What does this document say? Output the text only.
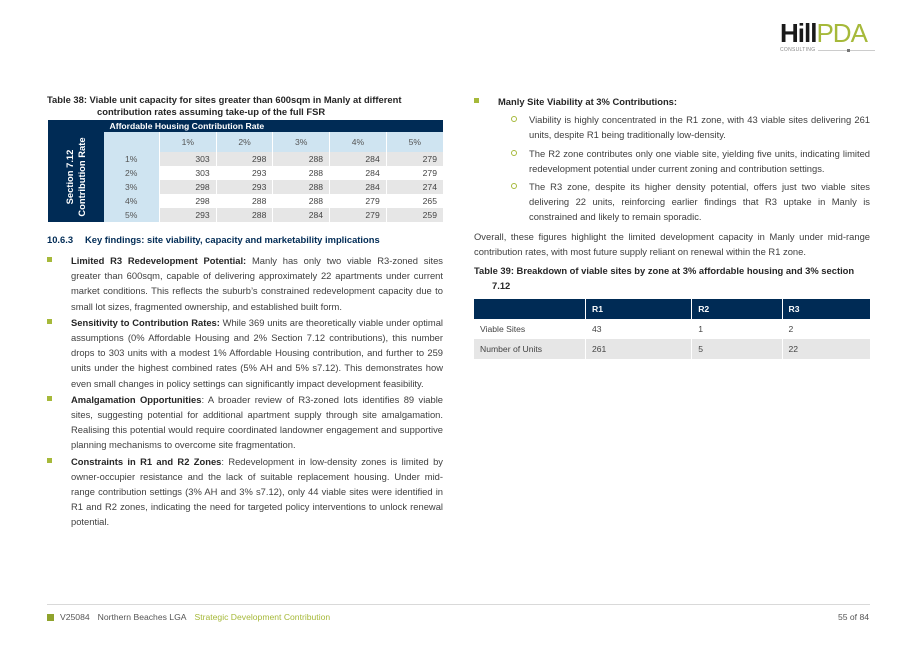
HillPDA
CONSULTING
Table 38: Viable unit capacity for sites greater than 600sqm in Manly at different
contribution rates assuming take-up of the full FSR
	Affordable Housing Contribution Rate					

Section 7.12 Contribution Rate		1%	2%	3%	4%	5%
	1%	303	298	288	284	279
	2%	303	293	288	284	279
	3%	298	293	288	284	274
	4%	298	288	288	279	265
	5%	293	288	284	279	259
10.6.3 Key findings: site viability, capacity and marketability implications
Limited R3 Redevelopment Potential: Manly has only two viable R3-zoned sites greater than 600sqm, capable of delivering approximately 22 apartments under current market conditions. This reflects the suburb’s constrained redevelopment capacity due to small lot sizes, fragmented ownership, and established built form.
Sensitivity to Contribution Rates: While 369 units are theoretically viable under optimal assumptions (0% Affordable Housing and 2% Section 7.12 contributions), this number drops to 303 units with a modest 1% Affordable Housing contribution, and further to 259 units under the highest combined rates (5% AH and 5% s7.12). This demonstrates how even small changes in policy settings can significantly impact development feasibility.
Amalgamation Opportunities: A broader review of R3-zoned lots identifies 89 viable sites, suggesting potential for additional apartment supply through site amalgamation. Realising this potential would require coordinated landowner engagement and supportive planning mechanisms to overcome site fragmentation.
Constraints in R1 and R2 Zones: Redevelopment in low-density zones is limited by owner-occupier resistance and the lack of suitable replacement housing. Under mid-range contribution settings (3% AH and 3% s7.12), only 44 viable sites were identified in R1 and R2 zones, indicating the need for targeted policy interventions to unlock renewal potential.
Manly Site Viability at 3% Contributions:
Viability is highly concentrated in the R1 zone, with 43 viable sites delivering 261 units, despite R1 being traditionally low-density.
The R2 zone contributes only one viable site, yielding five units, indicating limited redevelopment potential under current zoning and contribution settings.
The R3 zone, despite its higher density potential, offers just two viable sites delivering 22 units, reinforcing earlier findings that R3 uptake in Manly is constrained and likely to remain sporadic.
Overall, these figures highlight the limited development capacity in Manly under mid-range contribution rates, with most future supply reliant on renewal within the R1 zone.
Table 39: Breakdown of viable sites by zone at 3% affordable housing and 3% section
7.12
	R1	R2	R3
Viable Sites	43	1	2
Number of Units	261	5	22
V25084 Northern Beaches LGA Strategic Development Contribution	55 of 84
